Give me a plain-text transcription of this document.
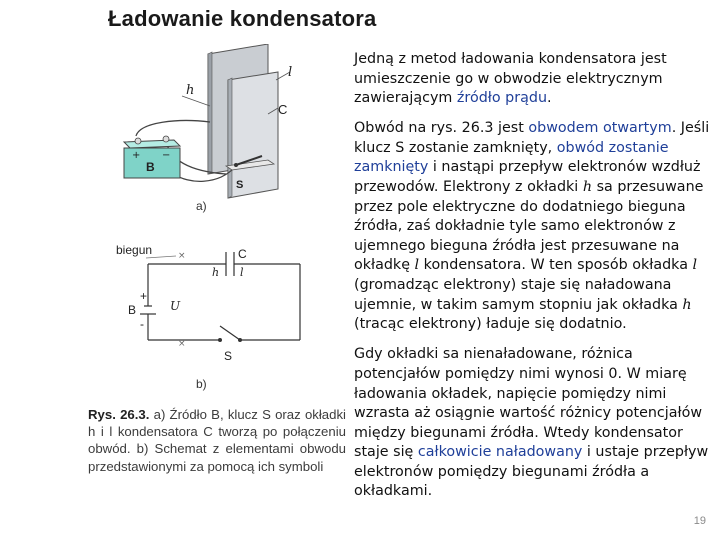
Ładowanie kondensatora
h
l
C
+ −
B
S
a)
×
×
biegun	C
h l
+
B
-
U
S
b)
Rys. 26.3. a) Źródło B, klucz S oraz okładki h i l kondensatora C tworzą po połączeniu obwód. b) Schemat z elementami obwodu przedstawionymi za pomocą ich symboli

Jedną z metod ładowania kondensatora jest umieszczenie go w obwodzie elektrycznym zawierającym źródło prądu.

Obwód na rys. 26.3 jest obwodem otwartym. Jeśli klucz S zostanie zamknięty, obwód zostanie zamknięty i nastąpi przepływ elektronów wzdłuż przewodów. Elektrony z okładki h sa przesuwane przez pole elektryczne do dodatniego bieguna źródła, zaś dokładnie tyle samo elektronów z ujemnego bieguna źródła jest przesuwane na okładkę l kondensatora. W ten sposób okładka l (gromadząc elektrony) staje się naładowana ujemnie, w takim samym stopniu jak okładka h (tracąc elektrony) ładuje się dodatnio.

Gdy okładki sa nienaładowane, różnica potencjałów pomiędzy nimi wynosi 0. W miarę ładowania okładek, napięcie pomiędzy nimi wzrasta aż osiągnie wartość różnicy potencjałów między biegunami źródła. Wtedy kondensator staje się całkowicie naładowany i ustaje przepływ elektronów pomiędzy biegunami źródła a okładkami.

19
